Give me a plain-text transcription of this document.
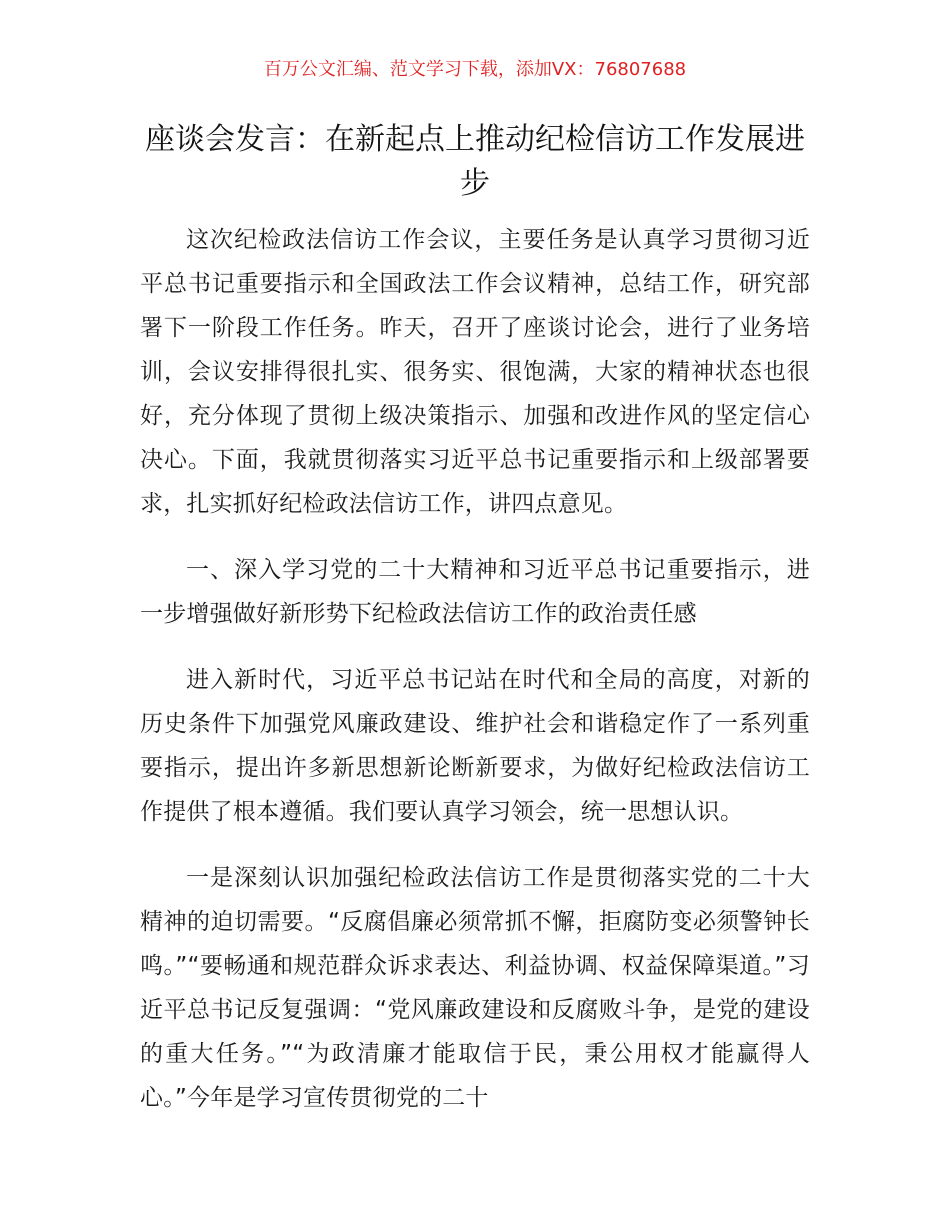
百万公文汇编、范文学习下载，添加VX：76807688
座谈会发言：在新起点上推动纪检信访工作发展进步

这次纪检政法信访工作会议，主要任务是认真学习贯彻习近平总书记重要指示和全国政法工作会议精神，总结工作，研究部署下一阶段工作任务。昨天，召开了座谈讨论会，进行了业务培训，会议安排得很扎实、很务实、很饱满，大家的精神状态也很好，充分体现了贯彻上级决策指示、加强和改进作风的坚定信心决心。下面，我就贯彻落实习近平总书记重要指示和上级部署要求，扎实抓好纪检政法信访工作，讲四点意见。

一、深入学习党的二十大精神和习近平总书记重要指示，进一步增强做好新形势下纪检政法信访工作的政治责任感

进入新时代，习近平总书记站在时代和全局的高度，对新的历史条件下加强党风廉政建设、维护社会和谐稳定作了一系列重要指示，提出许多新思想新论断新要求，为做好纪检政法信访工作提供了根本遵循。我们要认真学习领会，统一思想认识。

一是深刻认识加强纪检政法信访工作是贯彻落实党的二十大精神的迫切需要。“反腐倡廉必须常抓不懈，拒腐防变必须警钟长鸣。”“要畅通和规范群众诉求表达、利益协调、权益保障渠道。”习近平总书记反复强调：“党风廉政建设和反腐败斗争，是党的建设的重大任务。”“为政清廉才能取信于民，秉公用权才能赢得人心。”今年是学习宣传贯彻党的二十
